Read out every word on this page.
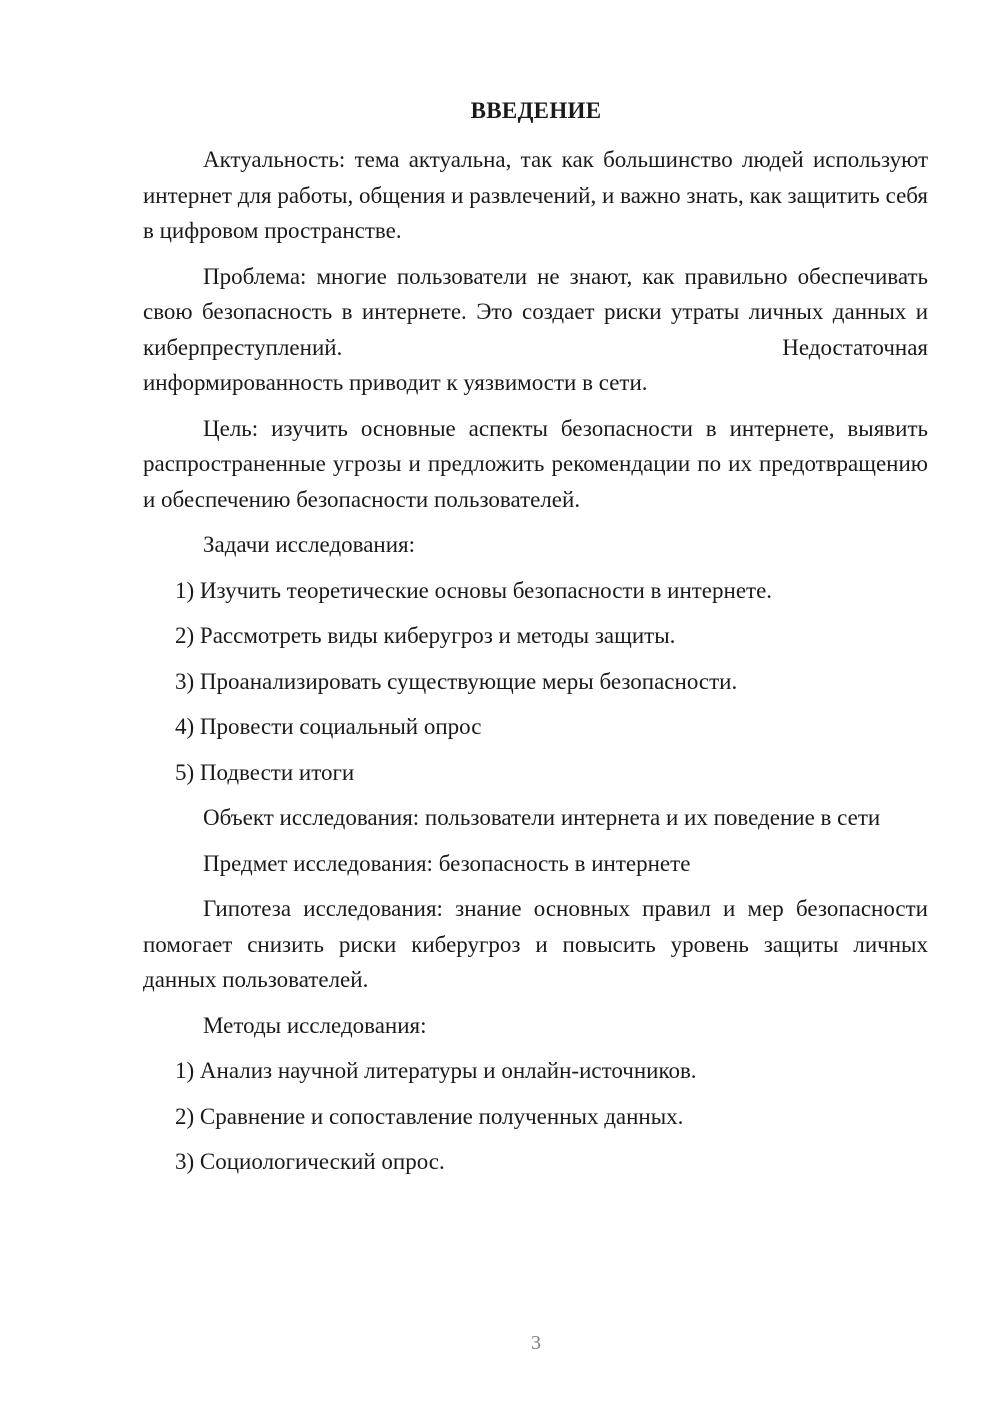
ВВЕДЕНИЕ

Актуальность: тема актуальна, так как большинство людей используют интернет для работы, общения и развлечений, и важно знать, как защитить себя в цифровом пространстве.

Проблема: многие пользователи не знают, как правильно обеспечивать свою безопасность в интернете. Это создает риски утраты личных данных и киберпреступлений. Недостаточная

информированность приводит к уязвимости в сети.

Цель: изучить основные аспекты безопасности в интернете, выявить распространенные угрозы и предложить рекомендации по их предотвращению и обеспечению безопасности пользователей.

Задачи исследования:

1) Изучить теоретические основы безопасности в интернете.
2) Рассмотреть виды киберугроз и методы защиты.
3) Проанализировать существующие меры безопасности.
4) Провести социальный опрос
5) Подвести итоги

Объект исследования: пользователи интернета и их поведение в сети

Предмет исследования: безопасность в интернете

Гипотеза исследования: знание основных правил и мер безопасности помогает снизить риски киберугроз и повысить уровень защиты личных данных пользователей.

Методы исследования:

1) Анализ научной литературы и онлайн-источников.
2) Сравнение и сопоставление полученных данных.
3) Социологический опрос.
3
